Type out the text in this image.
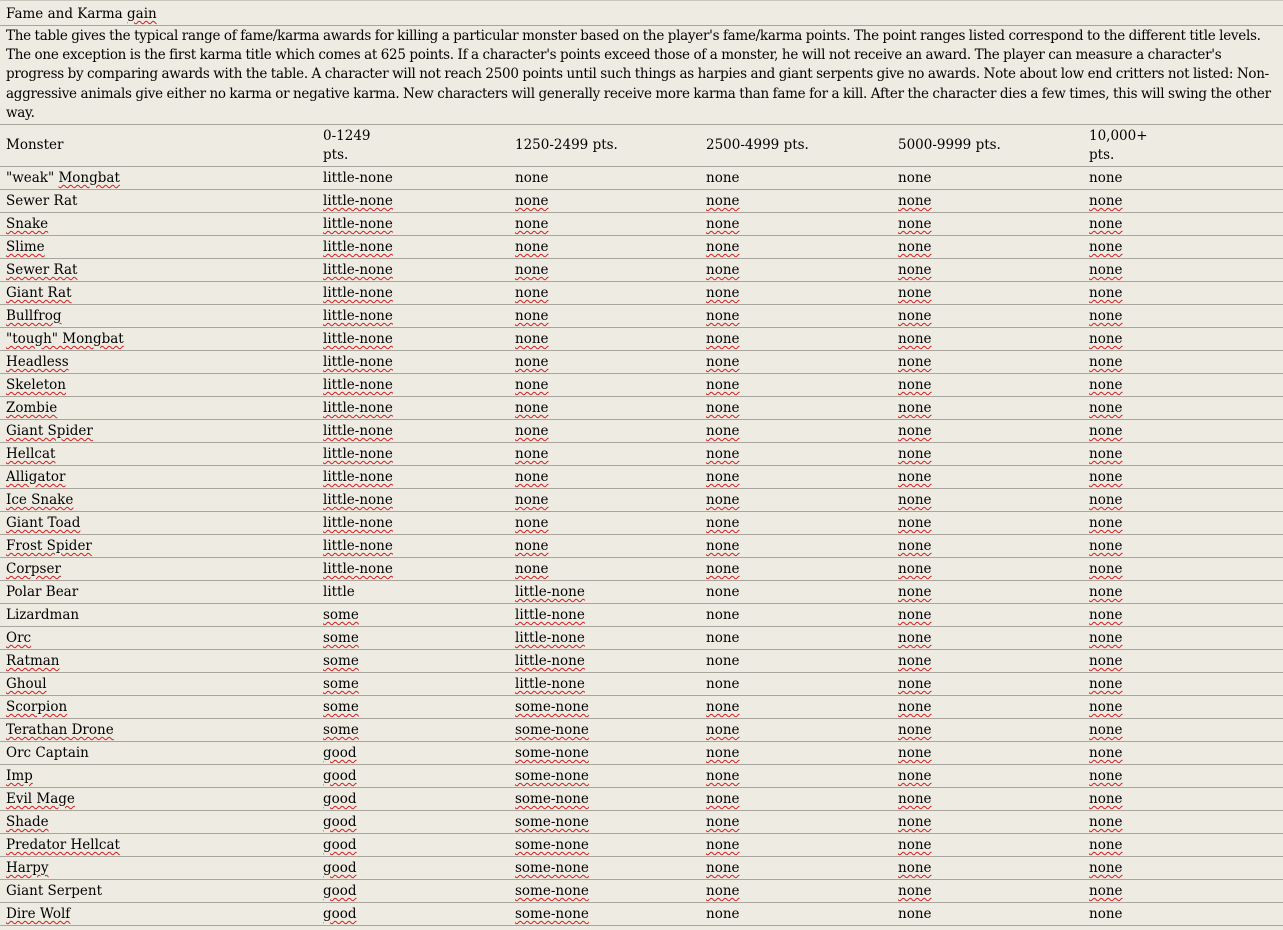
Fame and Karma gain
The table gives the typical range of fame/karma awards for killing a particular monster based on the player's fame/karma points. The point ranges listed correspond to the different title levels. The one exception is the first karma title which comes at 625 points. If a character's points exceed those of a monster, he will not receive an award. The player can measure a character's progress by comparing awards with the table. A character will not reach 2500 points until such things as harpies and giant serpents give no awards. Note about low end critters not listed: Non-aggressive animals give either no karma or negative karma. New characters will generally receive more karma than fame for a kill. After the character dies a few times, this will swing the other way.
Monster	0-1249 pts.	1250-2499 pts.	2500-4999 pts.	5000-9999 pts.	10,000+ pts.

"weak" Mongbat	little-none	none	none	none	none
Sewer Rat	little-none	none	none	none	none
Snake	little-none	none	none	none	none
Slime	little-none	none	none	none	none
Sewer Rat	little-none	none	none	none	none
Giant Rat	little-none	none	none	none	none
Bullfrog	little-none	none	none	none	none
"tough" Mongbat	little-none	none	none	none	none
Headless	little-none	none	none	none	none
Skeleton	little-none	none	none	none	none
Zombie	little-none	none	none	none	none
Giant Spider	little-none	none	none	none	none
Hellcat	little-none	none	none	none	none
Alligator	little-none	none	none	none	none
Ice Snake	little-none	none	none	none	none
Giant Toad	little-none	none	none	none	none
Frost Spider	little-none	none	none	none	none
Corpser	little-none	none	none	none	none
Polar Bear	little	little-none	none	none	none
Lizardman	some	little-none	none	none	none
Orc	some	little-none	none	none	none
Ratman	some	little-none	none	none	none
Ghoul	some	little-none	none	none	none
Scorpion	some	some-none	none	none	none
Terathan Drone	some	some-none	none	none	none
Orc Captain	good	some-none	none	none	none
Imp	good	some-none	none	none	none
Evil Mage	good	some-none	none	none	none
Shade	good	some-none	none	none	none
Predator Hellcat	good	some-none	none	none	none
Harpy	good	some-none	none	none	none
Giant Serpent	good	some-none	none	none	none
Dire Wolf	good	some-none	none	none	none
